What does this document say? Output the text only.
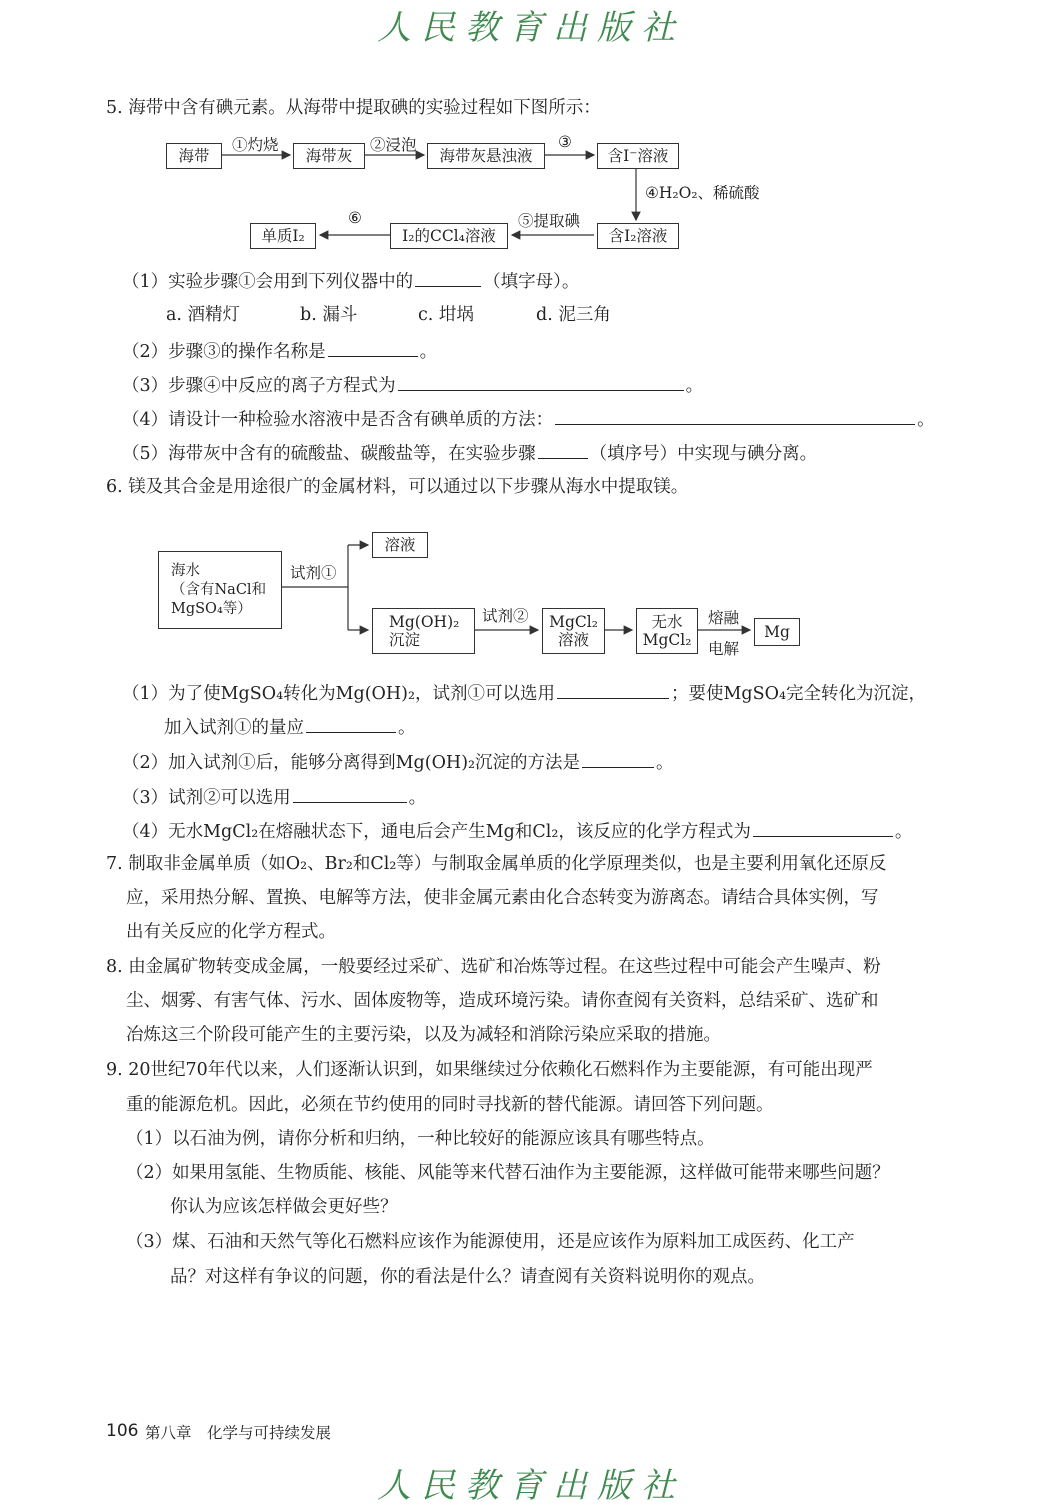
人民教育出版社
5. 海带中含有碘元素。从海带中提取碘的实验过程如下图所示：
海带
①灼烧
海带灰
②浸泡
海带灰悬浊液
③
含I⁻溶液
④H₂O₂、稀硫酸
含I₂溶液
⑤提取碘
I₂的CCl₄溶液
⑥
单质I₂
（1）实验步骤①会用到下列仪器中的	（填字母）。
a. 酒精灯	b. 漏斗	c. 坩埚	d. 泥三角
（2）步骤③的操作名称是	。
（3）步骤④中反应的离子方程式为	。
（4）请设计一种检验水溶液中是否含有碘单质的方法：	。
（5）海带灰中含有的硫酸盐、碳酸盐等，在实验步骤	（填序号）中实现与碘分离。
6. 镁及其合金是用途很广的金属材料，可以通过以下步骤从海水中提取镁。
海水
（含有NaCl和
MgSO₄等）
试剂①
溶液
Mg(OH)₂
沉淀
试剂② MgCl₂
溶液
无水
MgCl₂
熔融
电解
Mg
（1）为了使MgSO₄转化为Mg(OH)₂，试剂①可以选用	；要使MgSO₄完全转化为沉淀，
加入试剂①的量应	。
（2）加入试剂①后，能够分离得到Mg(OH)₂沉淀的方法是	。
（3）试剂②可以选用	。
（4）无水MgCl₂在熔融状态下，通电后会产生Mg和Cl₂，该反应的化学方程式为	。
7. 制取非金属单质（如O₂、Br₂和Cl₂等）与制取金属单质的化学原理类似，也是主要利用氧化还原反
应，采用热分解、置换、电解等方法，使非金属元素由化合态转变为游离态。请结合具体实例，写
出有关反应的化学方程式。
8. 由金属矿物转变成金属，一般要经过采矿、选矿和冶炼等过程。在这些过程中可能会产生噪声、粉
尘、烟雾、有害气体、污水、固体废物等，造成环境污染。请你查阅有关资料，总结采矿、选矿和
冶炼这三个阶段可能产生的主要污染，以及为减轻和消除污染应采取的措施。
9. 20世纪70年代以来，人们逐渐认识到，如果继续过分依赖化石燃料作为主要能源，有可能出现严
重的能源危机。因此，必须在节约使用的同时寻找新的替代能源。请回答下列问题。
（1）以石油为例，请你分析和归纳，一种比较好的能源应该具有哪些特点。
（2）如果用氢能、生物质能、核能、风能等来代替石油作为主要能源，这样做可能带来哪些问题？
你认为应该怎样做会更好些？
（3）煤、石油和天然气等化石燃料应该作为能源使用，还是应该作为原料加工成医药、化工产
品？对这样有争议的问题，你的看法是什么？请查阅有关资料说明你的观点。
106 第八章　化学与可持续发展
人民教育出版社
